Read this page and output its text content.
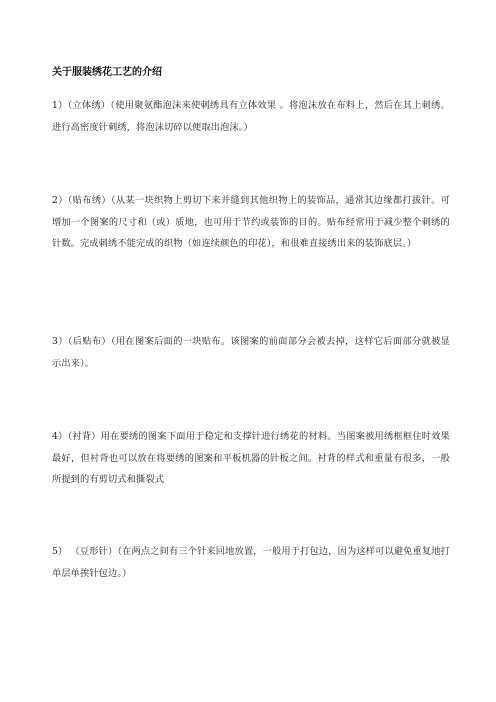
关于服装绣花工艺的介绍

1）（立体绣）（使用聚氨酯泡沫来使刺绣具有立体效果 。将泡沫放在布料上，然后在其上刺绣。进行高密度针刺绣，将泡沫切碎以便取出泡沫。）

2）（贴布绣）（从某一块织物上剪切下来并缝到其他织物上的装饰品，通常其边缘都打拔针。可增加一个图案的尺寸和（或）质地，也可用于节约或装饰的目的。贴布经常用于减少整个刺绣的针数。完成刺绣不能完成的织物（如连续颜色的印花），和很难直接绣出来的装饰底层。）

3）（后贴布）（用在图案后面的一块贴布。该图案的前面部分会被去掉，这样它后面部分就被显示出来）。

4）（衬背）用在要绣的图案下面用于稳定和支撑针进行绣花的材料。当图案被用绣框框住时效果最好，但衬背也可以放在将要绣的图案和平板机器的针板之间。衬背的样式和重量有很多，一般所提到的有剪切式和撕裂式

5） （豆形针）（在两点之间有三个针来回地放置，一般用于打包边，因为这样可以避免重复地打单层单挨针包边。）
